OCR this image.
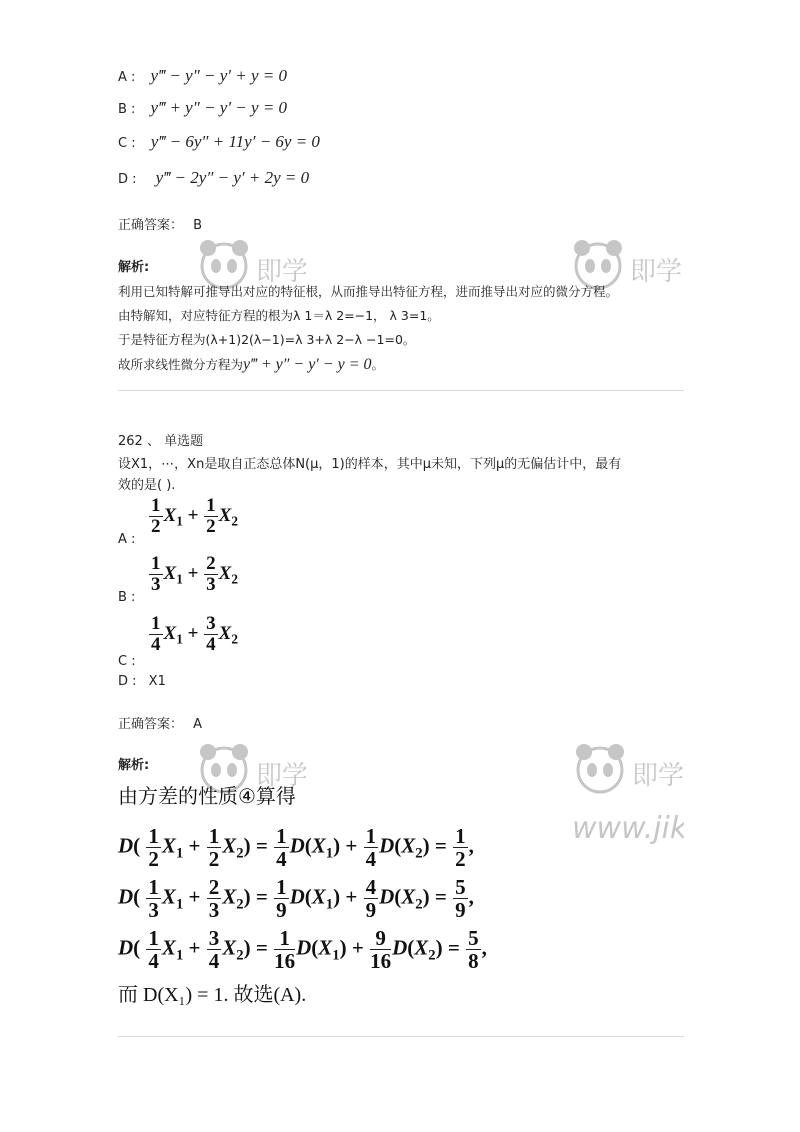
A : y‴ − y″ − y′ + y = 0
B : y‴ + y″ − y′ − y = 0
C : y‴ − 6y″ + 11y′ − 6y = 0
D : y‴ − 2y″ − y′ + 2y = 0
正确答案： B
解析:	即学	即学
利用已知特解可推导出对应的特征根，从而推导出特征方程，进而推导出对应的微分方程。
由特解知，对应特征方程的根为λ 1＝λ 2=−1， λ 3=1。
于是特征方程为(λ+1)2(λ−1)=λ 3+λ 2−λ −1=0。
故所求线性微分方程为y‴ + y″ − y′ − y = 0。
262 、 单选题
设X1，⋯，Xn是取自正态总体N(μ，1)的样本，其中μ未知，下列μ的无偏估计中，最有
效的是( ).
$_{A :}$
$\frac{1}{2} X_1 + \frac{1}{2} X_2$
$_{B :}$
$\frac{1}{3} X_1 + \frac{2}{3} X_2$
$_{C :}$
$\frac{1}{4} X_1 + \frac{3}{4} X_2$
D : X1
正确答案： A
解析:	即学	即学
www.jik
由方差的性质④算得
$D( \frac{1}{2} X_1 + \frac{1}{2} X_2) = \frac{1}{4} D(X_1) + \frac{1}{4} D(X_2) = \frac{1}{2}$ ,
$D( \frac{1}{3} X_1 + \frac{2}{3} X_2) = \frac{1}{9} D(X_1) + \frac{4}{9} D(X_2) = \frac{5}{9}$ ,
$D( \frac{1}{4} X_1 + \frac{3}{4} X_2) = \frac{1}{16} D(X_1) + \frac{9}{16} D(X_2) = \frac{5}{8}$ ,
而 D(X₁) = 1. 故选(A).
